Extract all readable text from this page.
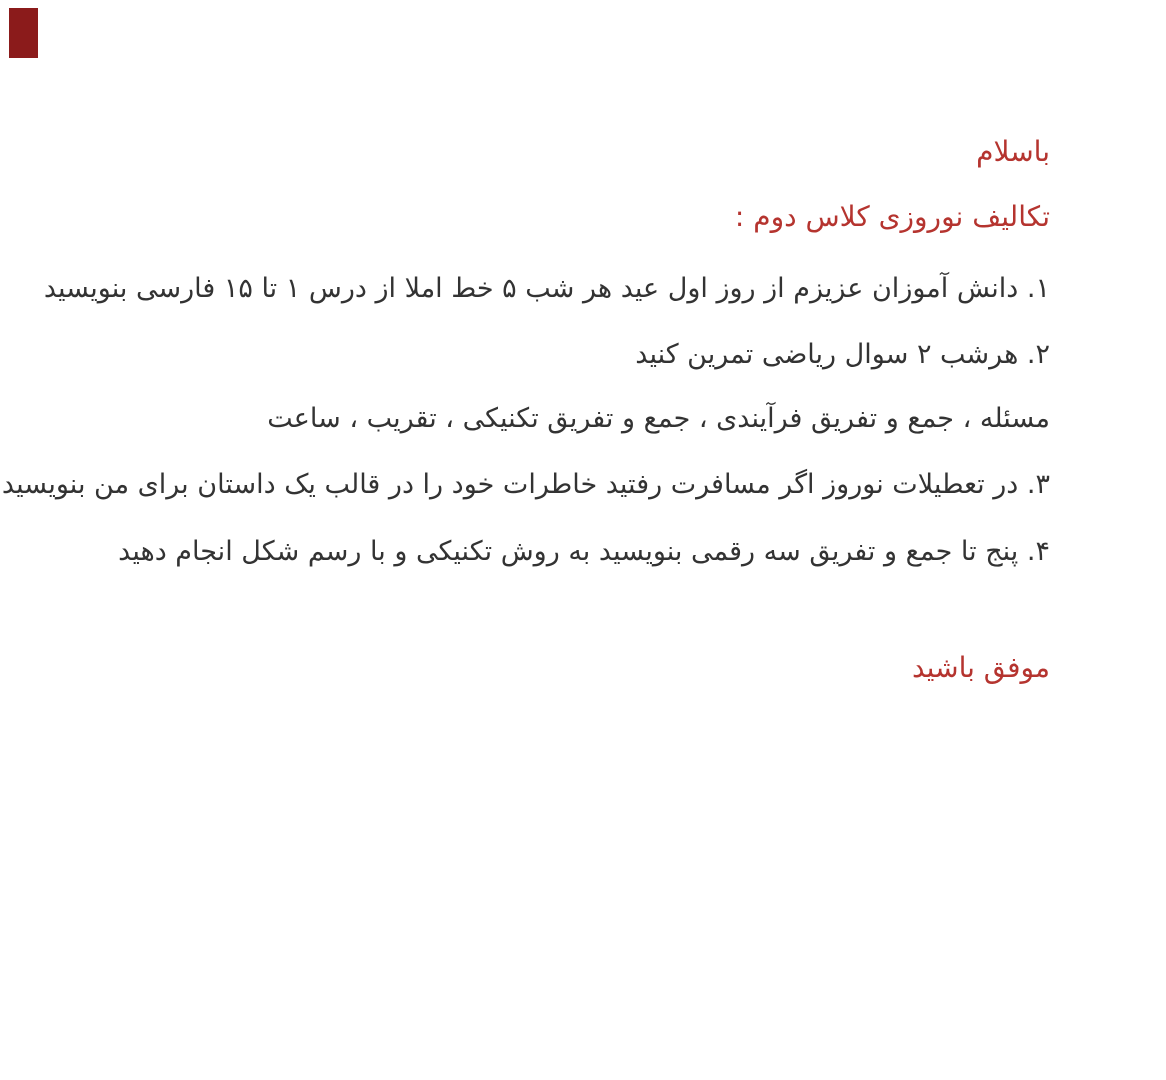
باسلام
تکالیف نوروزی کلاس دوم :
۱. دانش آموزان عزیزم از روز اول عید هر شب ۵ خط املا از درس ۱ تا ۱۵ فارسی بنویسید
۲. هرشب ۲ سوال ریاضی تمرین کنید
مسئله ، جمع و تفریق فرآیندی ، جمع و تفریق تکنیکی ، تقریب ، ساعت
۳. در تعطیلات نوروز اگر مسافرت رفتید خاطرات خود را در قالب یک داستان برای من بنویسید
۴. پنج تا جمع و تفریق سه رقمی بنویسید به روش تکنیکی و با رسم شکل انجام دهید
موفق باشید
